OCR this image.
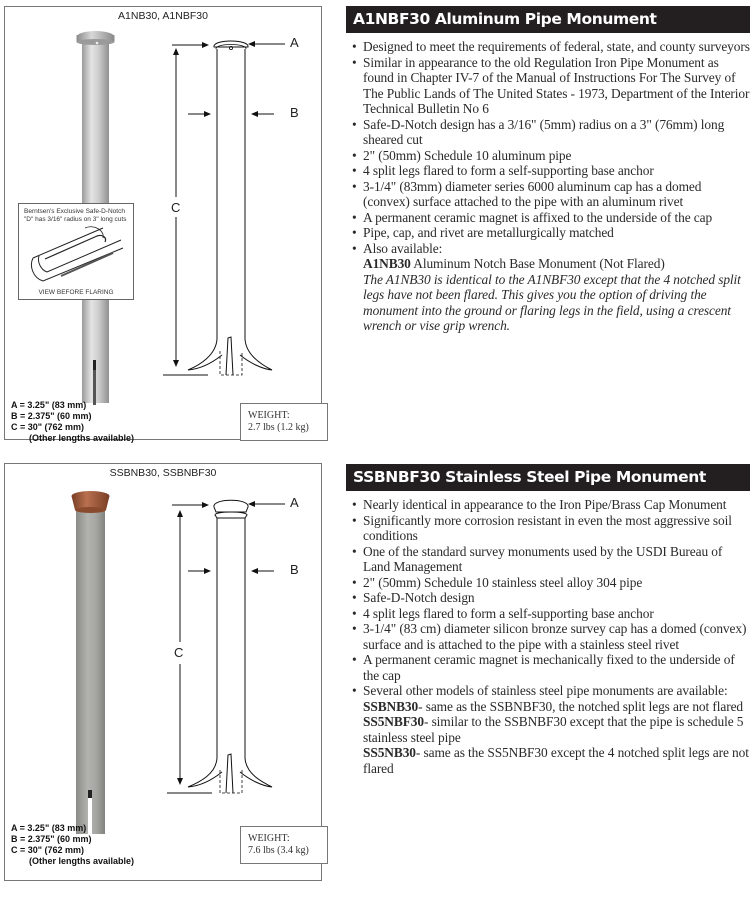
A1NB30, A1NBF30
Berntsen's Exclusive Safe-D-Notch "D" has 3/16" radius on 3" long cuts
VIEW BEFORE FLARING
A
B
C
A = 3.25" (83 mm)
B = 2.375" (60 mm)
C = 30" (762 mm)
(Other lengths available)
WEIGHT:
2.7 lbs (1.2 kg)
A1NBF30 Aluminum Pipe Monument
• Designed to meet the requirements of federal, state, and county surveyors
• Similar in appearance to the old Regulation Iron Pipe Monument as found in Chapter IV-7 of the Manual of Instructions For The Survey of The Public Lands of The United States - 1973, Department of the Interior Technical Bulletin No 6
• Safe-D-Notch design has a 3/16" (5mm) radius on a 3" (76mm) long sheared cut
• 2" (50mm) Schedule 10 aluminum pipe
• 4 split legs flared to form a self-supporting base anchor
• 3-1/4" (83mm) diameter series 6000 aluminum cap has a domed (convex) surface attached to the pipe with an aluminum rivet
• A permanent ceramic magnet is affixed to the underside of the cap
• Pipe, cap, and rivet are metallurgically matched
• Also available:
A1NB30 Aluminum Notch Base Monument (Not Flared)
The A1NB30 is identical to the A1NBF30 except that the 4 notched split legs have not been flared. This gives you the option of driving the monument into the ground or flaring legs in the field, using a crescent wrench or vise grip wrench.
SSBNB30, SSBNBF30
A
B
C
A = 3.25" (83 mm)
B = 2.375" (60 mm)
C = 30" (762 mm)
(Other lengths available)
WEIGHT:
7.6 lbs (3.4 kg)
SSBNBF30 Stainless Steel Pipe Monument
• Nearly identical in appearance to the Iron Pipe/Brass Cap Monument
• Significantly more corrosion resistant in even the most aggressive soil conditions
• One of the standard survey monuments used by the USDI Bureau of Land Management
• 2" (50mm) Schedule 10 stainless steel alloy 304 pipe
• Safe-D-Notch design
• 4 split legs flared to form a self-supporting base anchor
• 3-1/4" (83 cm) diameter silicon bronze survey cap has a domed (convex) surface and is attached to the pipe with a stainless steel rivet
• A permanent ceramic magnet is mechanically fixed to the underside of the cap
• Several other models of stainless steel pipe monuments are available:
SSBNB30- same as the SSBNBF30, the notched split legs are not flared
SS5NBF30- similar to the SSBNBF30 except that the pipe is schedule 5 stainless steel pipe
SS5NB30- same as the SS5NBF30 except the 4 notched split legs are not flared
